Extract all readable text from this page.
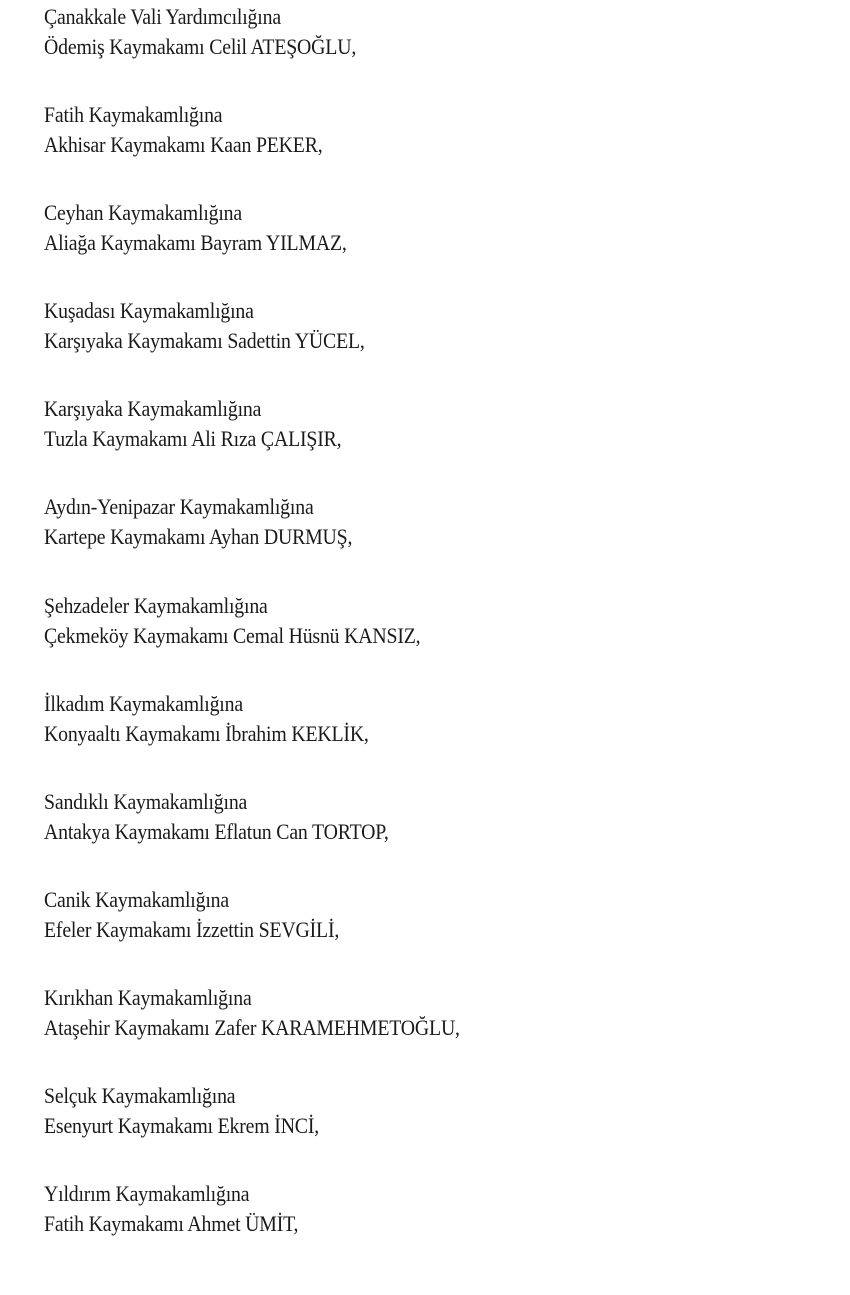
Çanakkale Vali Yardımcılığına
Ödemiş Kaymakamı Celil ATEŞOĞLU,
Fatih Kaymakamlığına
Akhisar Kaymakamı Kaan PEKER,
Ceyhan Kaymakamlığına
Aliağa Kaymakamı Bayram YILMAZ,
Kuşadası Kaymakamlığına
Karşıyaka Kaymakamı Sadettin YÜCEL,
Karşıyaka Kaymakamlığına
Tuzla Kaymakamı Ali Rıza ÇALIŞIR,
Aydın-Yenipazar Kaymakamlığına
Kartepe Kaymakamı Ayhan DURMUŞ,
Şehzadeler Kaymakamlığına
Çekmeköy Kaymakamı Cemal Hüsnü KANSIZ,
İlkadım Kaymakamlığına
Konyaaltı Kaymakamı İbrahim KEKLİK,
Sandıklı Kaymakamlığına
Antakya Kaymakamı Eflatun Can TORTOP,
Canik Kaymakamlığına
Efeler Kaymakamı İzzettin SEVGİLİ,
Kırıkhan Kaymakamlığına
Ataşehir Kaymakamı Zafer KARAMEHMETOĞLU,
Selçuk Kaymakamlığına
Esenyurt Kaymakamı Ekrem İNCİ,
Yıldırım Kaymakamlığına
Fatih Kaymakamı Ahmet ÜMİT,
